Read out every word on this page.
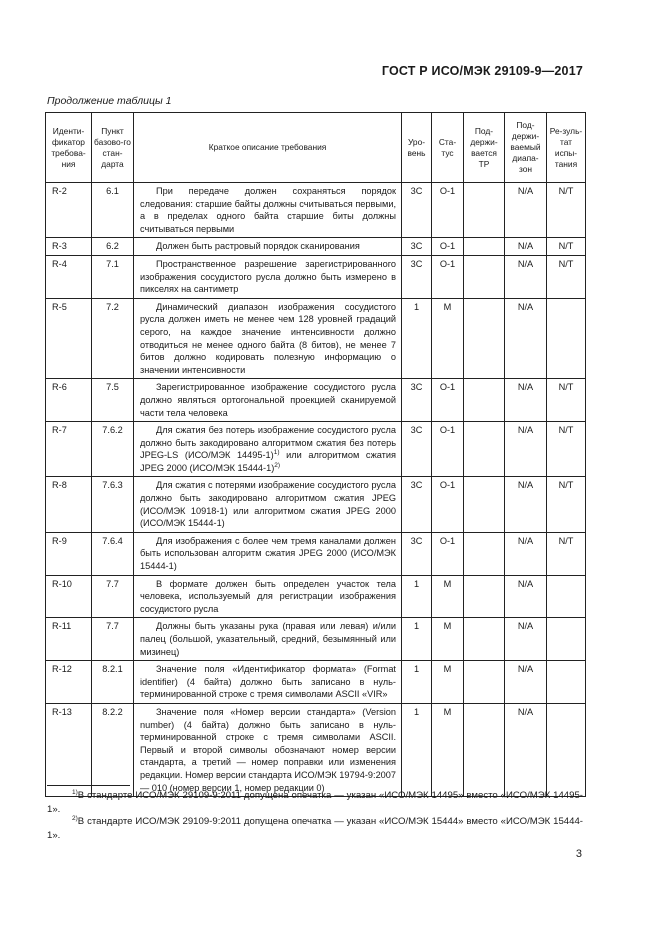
ГОСТ Р ИСО/МЭК 29109-9—2017
Продолжение таблицы 1
Иденти-фикатор требова-ния	Пункт базово-го стан-дарта	Краткое описание требования	Уро-вень	Ста-тус	Под-держи-вается ТР	Под-держи-ваемый диапа-зон	Ре-зуль-тат испы-тания
R-2	6.1	При передаче должен сохраняться порядок следования: старшие байты должны считываться первыми, а в пределах одного байта старшие биты должны считываться первыми	3С	О-1		N/A	N/T
R-3	6.2	Должен быть растровый порядок сканирования	3С	О-1		N/A	N/T
R-4	7.1	Пространственное разрешение зарегистрированного изображения сосудистого русла должно быть измерено в пикселях на сантиметр	3С	О-1		N/A	N/T
R-5	7.2	Динамический диапазон изображения сосудистого русла должен иметь не менее чем 128 уровней градаций серого, на каждое значение интенсивности должно отводиться не менее одного байта (8 битов), не менее 7 битов должно кодировать полезную информацию о значении интенсивности	1	М		N/A	
R-6	7.5	Зарегистрированное изображение сосудистого русла должно являться ортогональной проекцией сканируемой части тела человека	3С	О-1		N/A	N/T
R-7	7.6.2	Для сжатия без потерь изображение сосудистого русла должно быть закодировано алгоритмом сжатия без потерь JPEG-LS (ИСО/МЭК 14495-1)$^{1)}$ или алгоритмом сжатия JPEG 2000 (ИСО/МЭК 15444-1)$^{2)}$	3С	О-1		N/A	N/T
R-8	7.6.3	Для сжатия с потерями изображение сосудистого русла должно быть закодировано алгоритмом сжатия JPEG (ИСО/МЭК 10918-1) или алгоритмом сжатия JPEG 2000 (ИСО/МЭК 15444-1)	3С	О-1		N/A	N/T
R-9	7.6.4	Для изображения с более чем тремя каналами должен быть использован алгоритм сжатия JPEG 2000 (ИСО/МЭК 15444-1)	3С	О-1		N/A	N/T
R-10	7.7	В формате должен быть определен участок тела человека, используемый для регистрации изображения сосудистого русла	1	М		N/A	
R-11	7.7	Должны быть указаны рука (правая или левая) и/или палец (большой, указательный, средний, безымянный или мизинец)	1	М		N/A	
R-12	8.2.1	Значение поля «Идентификатор формата» (Format identifier) (4 байта) должно быть записано в нуль-терминированной строке с тремя символами ASCII «VIR»	1	М		N/A	
R-13	8.2.2	Значение поля «Номер версии стандарта» (Version number) (4 байта) должно быть записано в нуль-терминированной строке с тремя символами ASCII. Первый и второй символы обозначают номер версии стандарта, а третий — номер поправки или изменения редакции. Номер версии стандарта ИСО/МЭК 19794-9:2007 — 010 (номер версии 1, номер редакции 0)	1	М		N/A	
$^{1)}$В стандарте ИСО/МЭК 29109-9:2011 допущена опечатка — указан «ИСО/МЭК 14495» вместо «ИСО/МЭК 14495-1».
$^{2)}$В стандарте ИСО/МЭК 29109-9:2011 допущена опечатка — указан «ИСО/МЭК 15444» вместо «ИСО/МЭК 15444-1».
3
